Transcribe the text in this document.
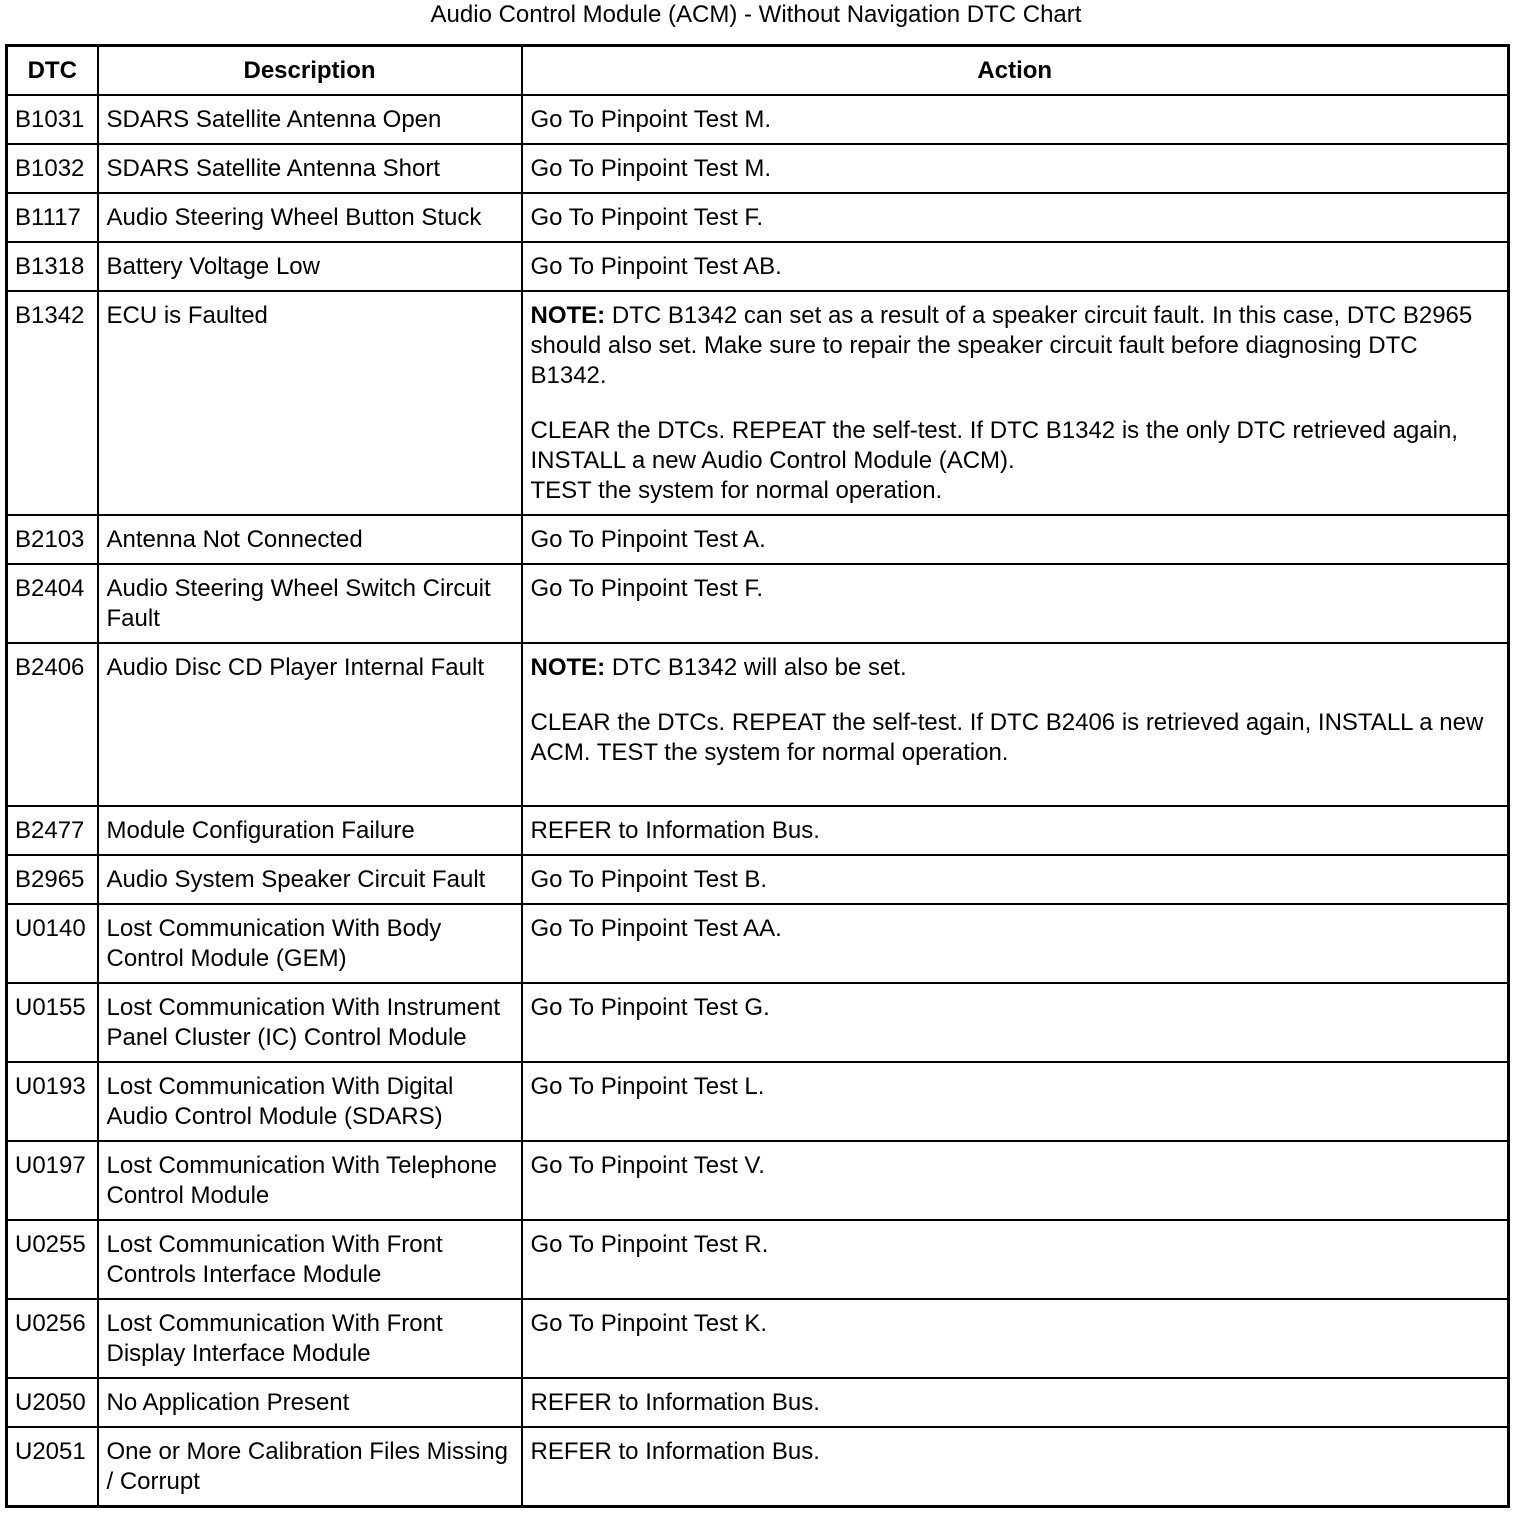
Audio Control Module (ACM) - Without Navigation DTC Chart
DTC	Description	Action
B1031	SDARS Satellite Antenna Open	Go To Pinpoint Test M.
B1032	SDARS Satellite Antenna Short	Go To Pinpoint Test M.
B1117	Audio Steering Wheel Button Stuck	Go To Pinpoint Test F.
B1318	Battery Voltage Low	Go To Pinpoint Test AB.
B1342	ECU is Faulted	NOTE: DTC B1342 can set as a result of a speaker circuit fault. In this case, DTC B2965 should also set. Make sure to repair the speaker circuit fault before diagnosing DTC B1342.

CLEAR the DTCs. REPEAT the self-test. If DTC B1342 is the only DTC retrieved again, INSTALL a new Audio Control Module (ACM).
TEST the system for normal operation.

B2103	Antenna Not Connected	Go To Pinpoint Test A.
B2404	Audio Steering Wheel Switch Circuit Fault	Go To Pinpoint Test F.
B2406	Audio Disc CD Player Internal Fault	NOTE: DTC B1342 will also be set.

CLEAR the DTCs. REPEAT the self-test. If DTC B2406 is retrieved again, INSTALL a new ACM. TEST the system for normal operation.

B2477	Module Configuration Failure	REFER to Information Bus.
B2965	Audio System Speaker Circuit Fault	Go To Pinpoint Test B.
U0140	Lost Communication With Body Control Module (GEM)	Go To Pinpoint Test AA.
U0155	Lost Communication With Instrument Panel Cluster (IC) Control Module	Go To Pinpoint Test G.
U0193	Lost Communication With Digital Audio Control Module (SDARS)	Go To Pinpoint Test L.
U0197	Lost Communication With Telephone Control Module	Go To Pinpoint Test V.
U0255	Lost Communication With Front Controls Interface Module	Go To Pinpoint Test R.
U0256	Lost Communication With Front Display Interface Module	Go To Pinpoint Test K.
U2050	No Application Present	REFER to Information Bus.
U2051	One or More Calibration Files Missing / Corrupt	REFER to Information Bus.
